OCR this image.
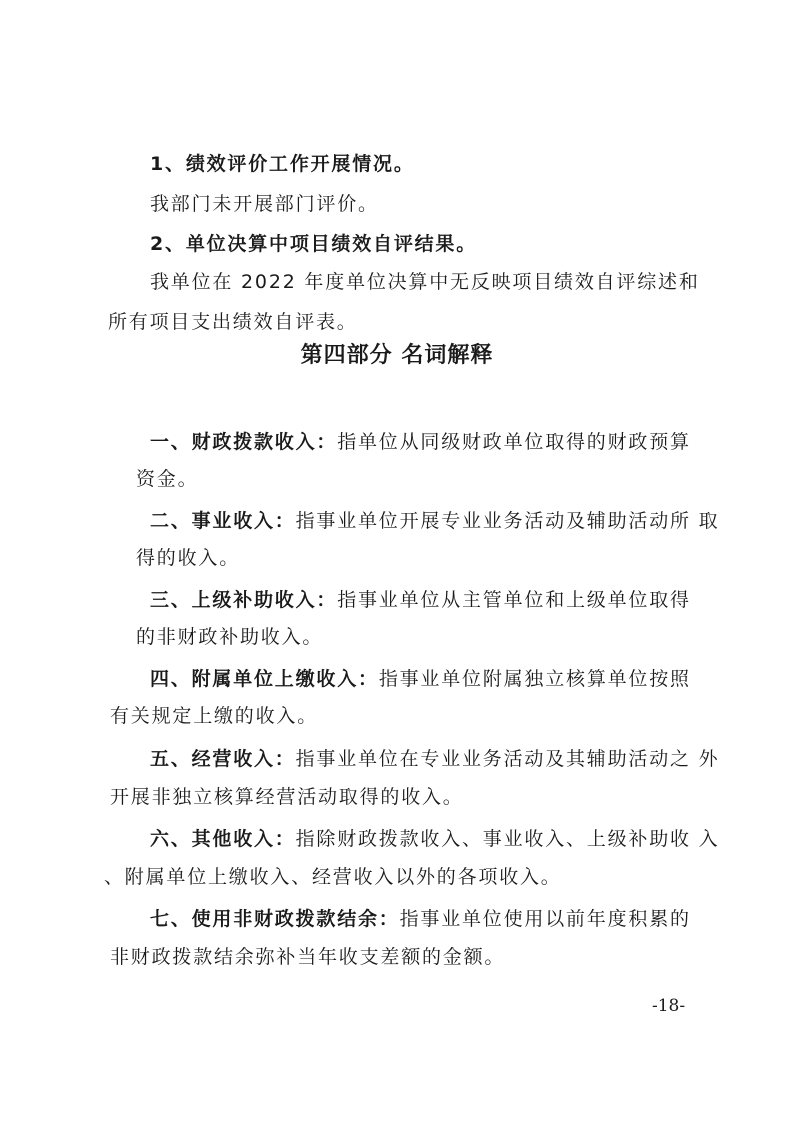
1、绩效评价工作开展情况。
我部门未开展部门评价。
2、单位决算中项目绩效自评结果。
我单位在 2022 年度单位决算中无反映项目绩效自评综述和
所有项目支出绩效自评表。
第四部分 名词解释
一、财政拨款收入：指单位从同级财政单位取得的财政预算
资金。
二、事业收入：指事业单位开展专业业务活动及辅助活动所 取
得的收入。
三、上级补助收入：指事业单位从主管单位和上级单位取得
的非财政补助收入。
四、附属单位上缴收入：指事业单位附属独立核算单位按照
有关规定上缴的收入。
五、经营收入：指事业单位在专业业务活动及其辅助活动之 外
开展非独立核算经营活动取得的收入。
六、其他收入：指除财政拨款收入、事业收入、上级补助收 入
、附属单位上缴收入、经营收入以外的各项收入。
七、使用非财政拨款结余：指事业单位使用以前年度积累的
非财政拨款结余弥补当年收支差额的金额。
-18-
